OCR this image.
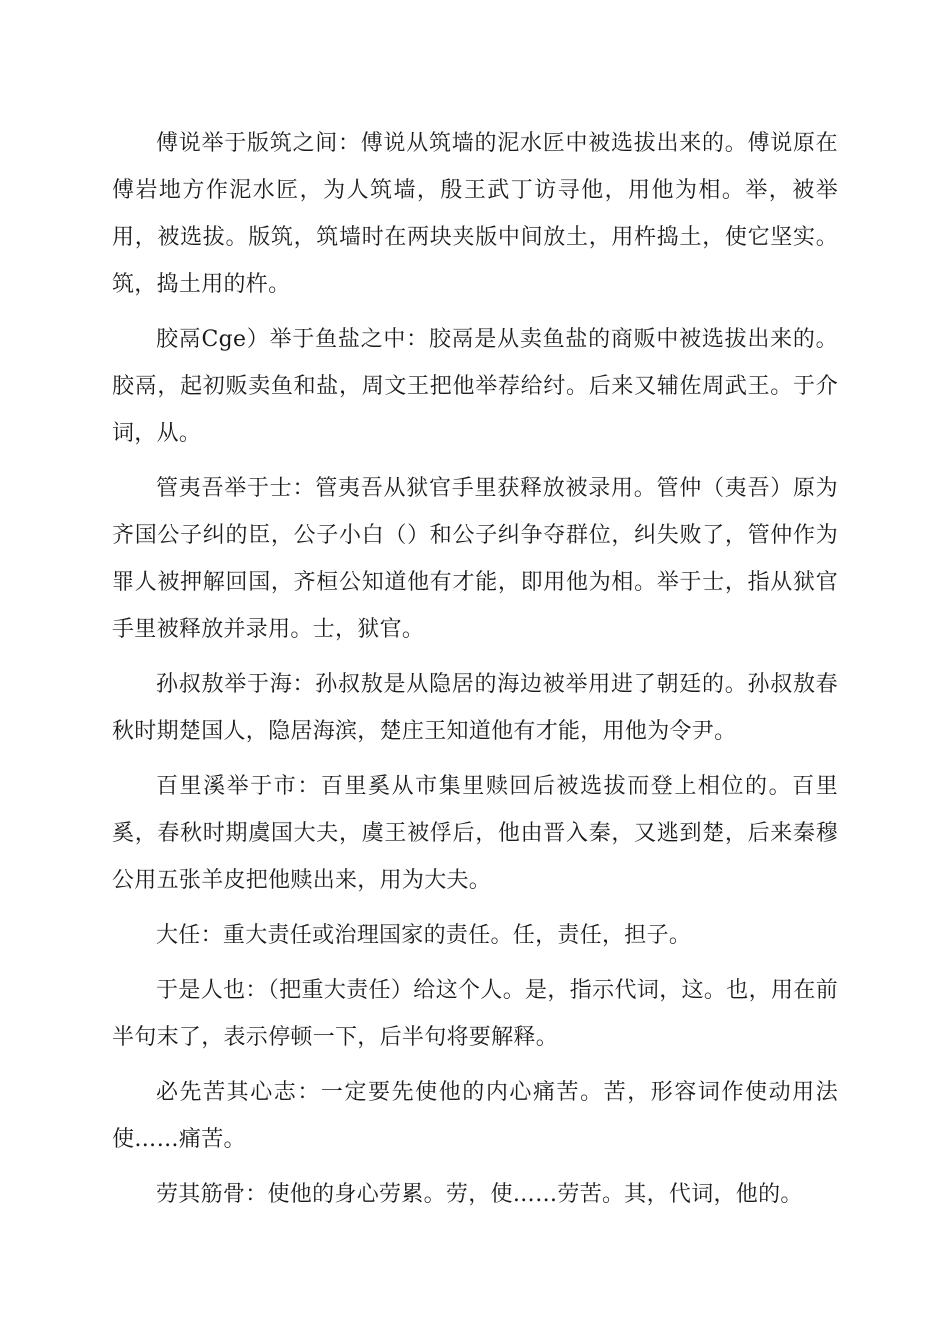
傅说举于版筑之间：傅说从筑墙的泥水匠中被选拔出来的。傅说原在傅岩地方作泥水匠，为人筑墙，殷王武丁访寻他，用他为相。举，被举用，被选拔。版筑，筑墙时在两块夹版中间放土，用杵捣土，使它坚实。筑，捣土用的杵。

胶鬲Cge）举于鱼盐之中：胶鬲是从卖鱼盐的商贩中被选拔出来的。胶鬲，起初贩卖鱼和盐，周文王把他举荐给纣。后来又辅佐周武王。于介词，从。

管夷吾举于士：管夷吾从狱官手里获释放被录用。管仲（夷吾）原为齐国公子纠的臣，公子小白（）和公子纠争夺群位，纠失败了，管仲作为罪人被押解回国，齐桓公知道他有才能，即用他为相。举于士，指从狱官手里被释放并录用。士，狱官。

孙叔敖举于海：孙叔敖是从隐居的海边被举用进了朝廷的。孙叔敖春秋时期楚国人，隐居海滨，楚庄王知道他有才能，用他为令尹。

百里溪举于市：百里奚从市集里赎回后被选拔而登上相位的。百里奚，春秋时期虞国大夫，虞王被俘后，他由晋入秦，又逃到楚，后来秦穆公用五张羊皮把他赎出来，用为大夫。

大任：重大责任或治理国家的责任。任，责任，担子。

于是人也：（把重大责任）给这个人。是，指示代词，这。也，用在前半句末了，表示停顿一下，后半句将要解释。

必先苦其心志：一定要先使他的内心痛苦。苦，形容词作使动用法使……痛苦。

劳其筋骨：使他的身心劳累。劳，使……劳苦。其，代词，他的。
